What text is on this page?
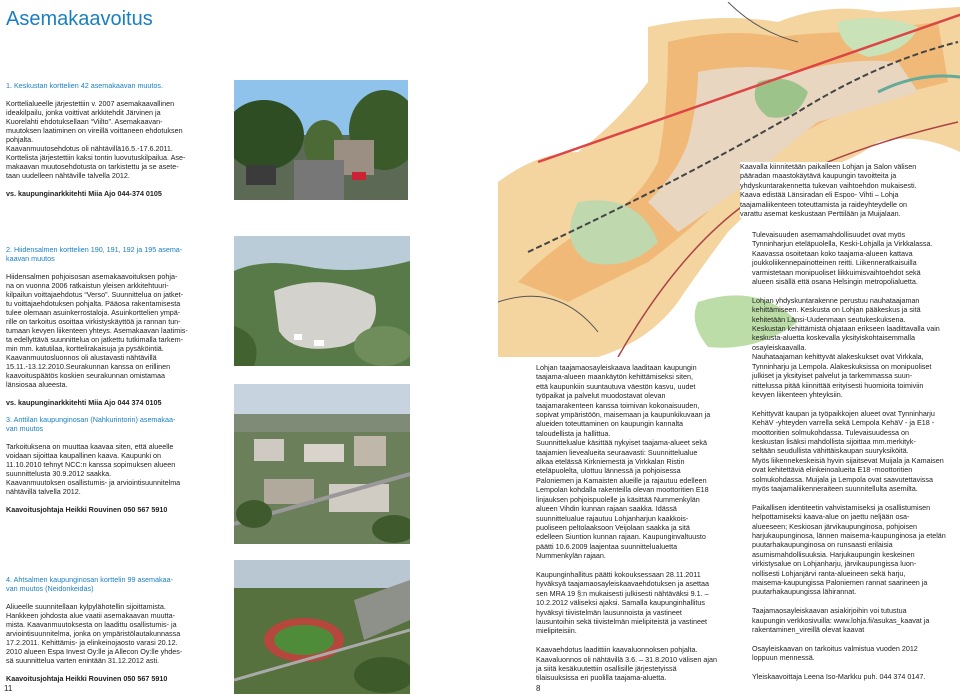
Asemakaavoitus

1. Keskustan korttelien 42 asemakaavan muutos.

Korttelialueelle järjestettiin v. 2007 asemakaavallinen
ideakilpailu, jonka voittivat arkkitehdit Järvinen ja
Kuorelahti ehdotuksellaan “Viilto”. Asemakaavan-
muutoksen laatiminen on vireillä voittaneen ehdotuksen
pohjalta.
Kaavanmuutosehdotus oli nähtävillä16.5.-17.6.2011.
Korttelista järjestettiin kaksi tontin luovutuskilpailua. Ase-
makaavan muutosehdotusta on tarkistettu ja se asete-
taan uudelleen nähtäville talvella 2012.

vs. kaupunginarkkitehti Miia Ajo 044-374 0105

2. Hiidensalmen korttelien 190, 191, 192 ja 195 asema-
kaavan muutos

Hiidensalmen pohjoisosan asemakaavoituksen pohja-
na on vuonna 2006 ratkaistun yleisen arkkitehtuuri-
kilpailun voittajaehdotus “Verso”. Suunnittelua on jatket-
tu voittajaehdotuksen pohjalta. Pääosa rakentamisesta
tulee olemaan asuinkerrostaloja. Asuinkorttelien ympä-
rille on tarkoitus osoittaa virkistyskäyttöä ja rannan tun-
tumaan kevyen liikenteen yhteys. Asemakaavan laatimis-
ta edellyttävä suunnittelua on jatkettu tutkimalla tarkem-
min mm. katutilaa, korttelirakaisuja ja pysäköintiä.
Kaavanmuutosluonnos oli alustavasti nähtävillä
15.11.-13.12.2010.Seurakunnan kanssa on erillinen
kaavoituspäätös koskien seurakunnan omistamaa
länsiosaa alueesta.

vs. kaupunginarkkitehti Miia Ajo 044 374 0105

3. Anttilan kaupunginosan (Nahkurintorin) asemakaa-
van muutos

Tarkoituksena on muuttaa kaavaa siten, että alueelle
voidaan sijoittaa kaupallinen kaava. Kaupunki on
11.10.2010 tehnyt NCC:n kanssa sopimuksen alueen
suunnittelusta 30.9.2012 saakka.
Kaavanmuutoksen osallistumis- ja arviointisuunnitelma
nähtävillä talvella 2012.

Kaavoitusjohtaja Heikki Rouvinen 050 567 5910

4. Ahtsalmen kaupunginosan korttelin 99 asemakaa-
van muutos (Neidonkeidas)

Aliueelle suunnitellaan kylpylähotellin sijoittamista.
Hankkeen johdosta alue vaatii asemakaavan muutta-
mista. Kaavanmuutoksesta on laadittu osallistumis- ja
arviointisuunnitelma, jonka on ympäristölautakunnassa
17.2.2011. Kehittämis- ja elinkeinojaosto varasi 20.12.
2010 alueen Espa Invest Oy:lle ja Allecon Oy:lle yhdes-
sä suunnittelua varten enintään 31.12.2012 asti.

Kaavoitusjohtaja Heikki Rouvinen 050 567 5910

11
Kaavalla kiinnitetään paikalleen Lohjan ja Salon välisen
pääradan maastokäytävä kaupungin tavoitteita ja
yhdyskuntarakennetta tukevan vaihtoehdon mukaisesti.
Kaava edistää Länsiradan eli Espoo- Vihti – Lohja
taajamaliikenteen toteuttamista ja raideyhteydelle on
varattu asemat keskustaan Perttilään ja Muijalaan.
Lohjan taajamaosayleiskaava laaditaan kaupungin
taajama-alueen maankäytön kehittämiseksi siten,
että kaupunkiin suuntautuva väestön kasvu, uudet
työpaikat ja palvelut muodostavat olevan
taajamarakenteen kanssa toimivan kokonaisuuden,
sopivat ympäristöön, maisemaan ja kaupunkikuvaan ja
alueiden toteuttaminen on kaupungin kannalta
taloudellista ja hallittua.
Suunnittelualue käsittää nykyiset taajama-alueet sekä
taajamien lievealueita seuraavasti: Suunnittelualue
alkaa etelässä Kirkniemestä ja Virkkalan Ristin
eteläpuolelta, ulottuu lännessä ja pohjoisessa
Paloniemen ja Kamaisten alueille ja rajautuu edelleen
Lempolan kohdalla rakenteilla olevan moottoritien E18
linjauksen pohjoispuolelle ja käsittää Nummenkylän
alueen Vihdin kunnan rajaan saakka. Idässä
suunnittelualue rajautuu Lohjanharjun kaakkois-
puoliseen peltolaaksoon Veijolaan saakka ja sitä
edelleen Siuntion kunnan rajaan. Kaupunginvaltuusto
päätti 10.6.2009 laajentaa suunnittelualuetta
Nummenkylän rajaan.

Kaupunginhallitus päätti kokouksessaan 28.11.2011
hyväksyä taajamaosayleiskaavaehdotuksen ja asettaa
sen MRA 19 §:n mukaisesti julkisesti nähtäväksi 9.1. –
10.2.2012 väliseksi ajaksi. Samalla kaupunginhallitus
hyväksyi tiivistelmän lausunnoista ja vastineet
lausuntoihin sekä tiivistelmän mielipiteistä ja vastineet
mielipiteisiin.

Kaavaehdotus laadittiin kaavaluonnoksen pohjalta.
Kaavaluonnos oli nähtävillä 3.6. – 31.8.2010 välisen ajan
ja siitä kesäkuutettiin osallisille järjestetyissä
tilaisuuksissa eri puolilla taajama-aluetta.
Tulevaisuuden asemamahdollisuudet ovat myös
Tynninharjun eteläpuolella, Keski-Lohjalla ja Virkkalassa.
Kaavassa osoitetaan koko taajama-alueen kattava
joukkoliikennepainotteinen reitti. Liikenneratkaisuilla
varmistetaan monipuoliset liikkuimisvaihtoehdot sekä
alueen sisällä että osana Helsingin metropolialuetta.

Lohjan yhdyskuntarakenne perustuu nauhataajaman
kehittämiseen. Keskusta on Lohjan pääkeskus ja sitä
kehitetään Länsi-Uudenmaan seutukeskuksena.
Keskustan kehittämistä ohjataan erikseen laadittavalla vain
keskusta-aluetta koskevalla yksityiskohtaisemmalla
osayleiskaavalla.
Nauhataajaman kehittyvät alakeskukset ovat Virkkala,
Tynninharju ja Lempola. Alakeskuksissa on monipuoliset
julkiset ja yksityiset palvelut ja tarkemmassa suun-
nittelussa pitää kiinnittää erityisesti huomioita toimiviin
kevyen liikenteen yhteyksiin.

Kehittyvät kaupan ja työpaikkojen alueet ovat Tynninharju
KehäV -yhteyden varrella sekä Lempola KehäV - ja E18 -
moottoritien solmukohdassa. Tulevaisuudessa on
keskustan lisäksi mahdollista sijoittaa mm.merkityk-
seltään seudullista vähittäiskaupan suuryksiköitä.
Myös liikennekeskeisiä hyvin sijaitsevat Muijala ja Kamaisen
ovat kehitettäviä elinkeinoalueita E18 -moottoritien
solmukohdassa. Muijala ja Lempola ovat saavutettavissa
myös taajamaliikenneraiteen suunnitellulta asemilta.

Paikallisen identiteetin vahvistamiseksi ja osallistumisen
helpottamiseksi kaava-alue on jaettu neljään osa-
alueeseen; Keskiosan järvikaupunginosa, pohjoisen
harjukaupunginosa, lännen maisema-kaupunginosa ja etelän
puutarhakaupunginosa on runsaasti erilaisia
asumismahdollisuuksia. Harjukaupungin keskeinen
virkistysalue on Lohjanharju, järvikaupungissa luon-
nollisesti Lohjanjärvi ranta-alueineen sekä harju,
maisema-kaupungissa Paloniemen rannat saarineen ja
puutarhakaupungissa lähirannat.

Taajamaosayleiskaavan asiakirjoihin voi tutustua
kaupungin verkkosivuilla: www.lohja.fi/asukas_kaavat ja
rakentaminen_vireillä olevat kaavat

Osayleiskaavan on tarkoitus valmistua vuoden 2012
loppuun mennessä.

Yleiskaavoittaja Leena Iso-Markku puh. 044 374 0147.
8
